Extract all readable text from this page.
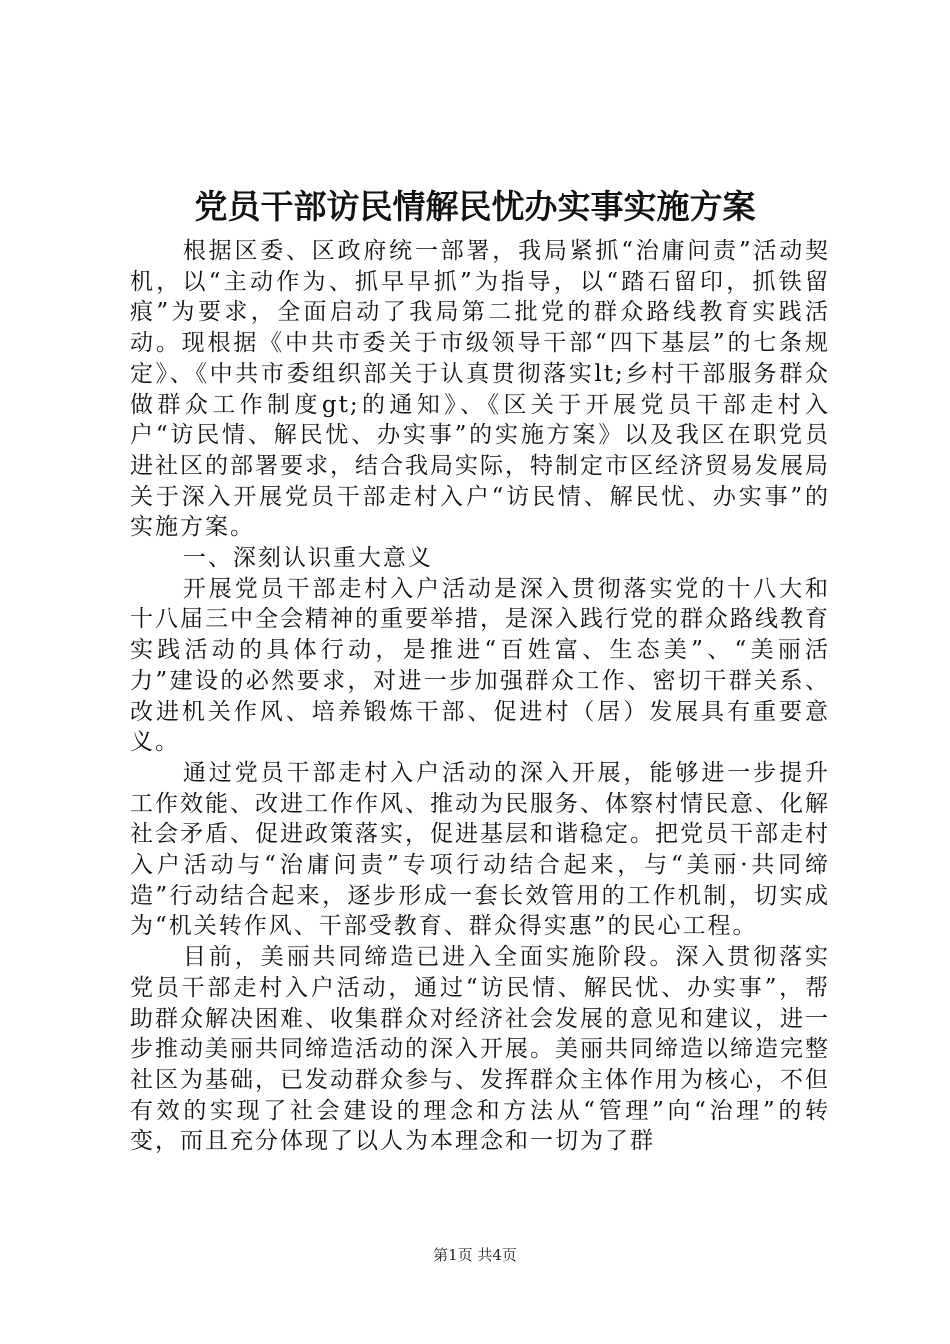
党员干部访民情解民忧办实事实施方案

根据区委、区政府统一部署，我局紧抓“治庸问责”活动契机，以“主动作为、抓早早抓”为指导，以“踏石留印，抓铁留痕”为要求，全面启动了我局第二批党的群众路线教育实践活动。现根据《中共市委关于市级领导干部“四下基层”的七条规定》、《中共市委组织部关于认真贯彻落实lt;乡村干部服务群众做群众工作制度gt;的通知》、《区关于开展党员干部走村入户“访民情、解民忧、办实事”的实施方案》以及我区在职党员进社区的部署要求，结合我局实际，特制定市区经济贸易发展局关于深入开展党员干部走村入户“访民情、解民忧、办实事”的实施方案。

一、深刻认识重大意义

开展党员干部走村入户活动是深入贯彻落实党的十八大和十八届三中全会精神的重要举措，是深入践行党的群众路线教育实践活动的具体行动，是推进“百姓富、生态美”、“美丽活力”建设的必然要求，对进一步加强群众工作、密切干群关系、改进机关作风、培养锻炼干部、促进村（居）发展具有重要意义。

通过党员干部走村入户活动的深入开展，能够进一步提升工作效能、改进工作作风、推动为民服务、体察村情民意、化解社会矛盾、促进政策落实，促进基层和谐稳定。把党员干部走村入户活动与“治庸问责”专项行动结合起来，与“美丽·共同缔造”行动结合起来，逐步形成一套长效管用的工作机制，切实成为“机关转作风、干部受教育、群众得实惠”的民心工程。

目前，美丽共同缔造已进入全面实施阶段。深入贯彻落实党员干部走村入户活动，通过“访民情、解民忧、办实事”，帮助群众解决困难、收集群众对经济社会发展的意见和建议，进一步推动美丽共同缔造活动的深入开展。美丽共同缔造以缔造完整社区为基础，已发动群众参与、发挥群众主体作用为核心，不但有效的实现了社会建设的理念和方法从“管理”向“治理”的转变，而且充分体现了以人为本理念和一切为了群

第1页 共4页
